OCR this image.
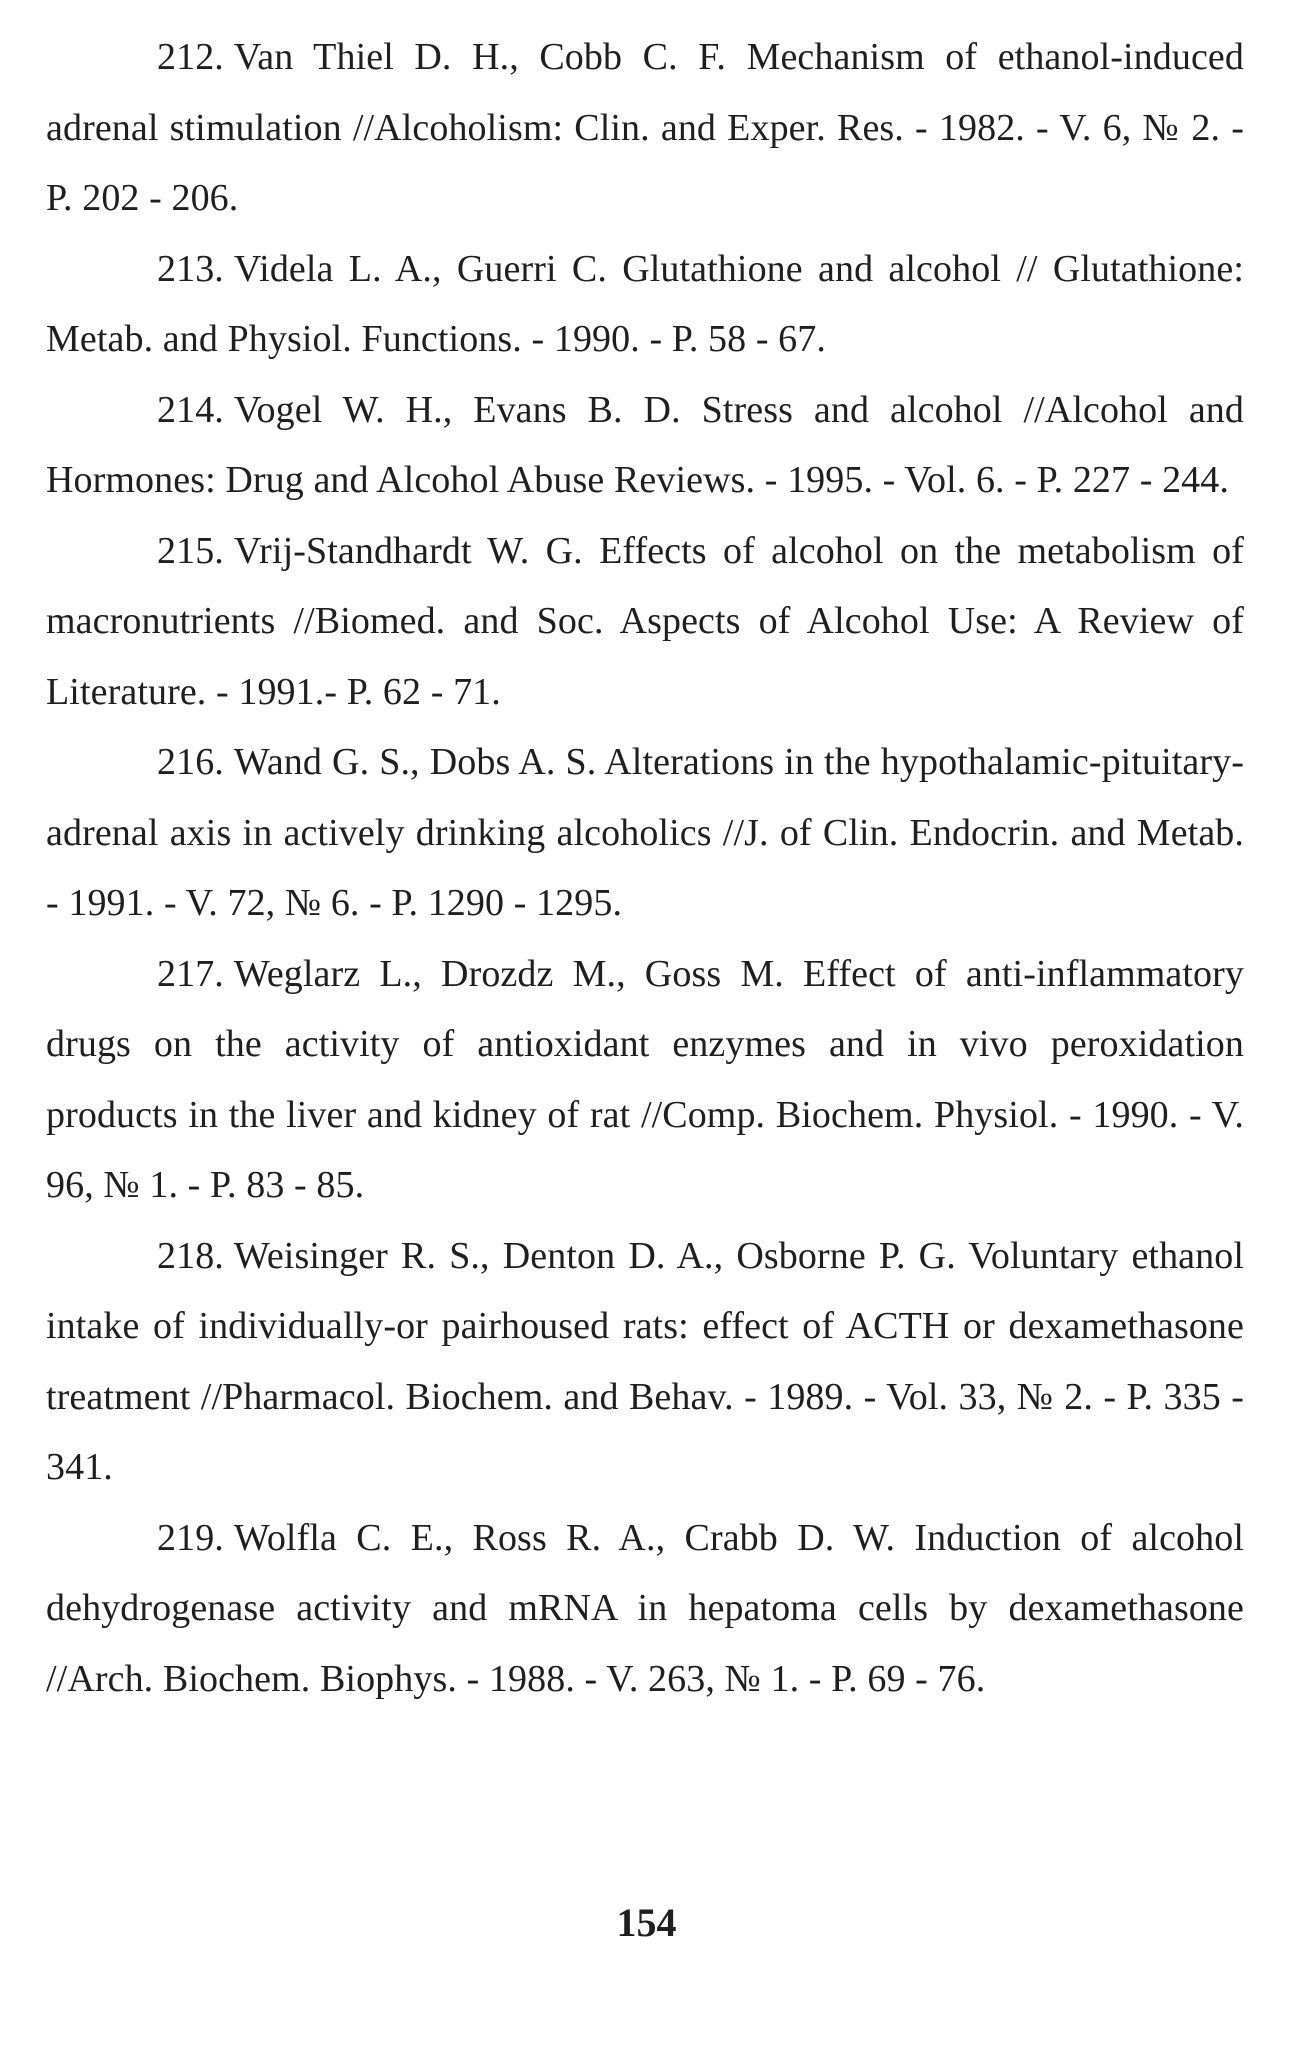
212. Van Thiel D. H., Cobb C. F. Mechanism of ethanol-induced adrenal stimulation //Alcoholism: Clin. and Exper. Res. - 1982. - V. 6, № 2. - P. 202 - 206.

213. Videla L. A., Guerri C. Glutathione and alcohol // Glutathione: Metab. and Physiol. Functions. - 1990. - P. 58 - 67.

214. Vogel W. H., Evans B. D. Stress and alcohol //Alcohol and Hormones: Drug and Alcohol Abuse Reviews. - 1995. - Vol. 6. - P. 227 - 244.

215. Vrij-Standhardt W. G. Effects of alcohol on the metabolism of macronutrients //Biomed. and Soc. Aspects of Alcohol Use: A Review of Literature. - 1991.- P. 62 - 71.

216. Wand G. S., Dobs A. S. Alterations in the hypothalamic-pituitary-adrenal axis in actively drinking alcoholics //J. of Clin. Endocrin. and Metab. - 1991. - V. 72, № 6. - P. 1290 - 1295.

217. Weglarz L., Drozdz M., Goss M. Effect of anti-inflammatory drugs on the activity of antioxidant enzymes and in vivo peroxidation products in the liver and kidney of rat //Comp. Biochem. Physiol. - 1990. - V. 96, № 1. - P. 83 - 85.

218. Weisinger R. S., Denton D. A., Osborne P. G. Voluntary ethanol intake of individually-or pairhoused rats: effect of ACTH or dexamethasone treatment //Pharmacol. Biochem. and Behav. - 1989. - Vol. 33, № 2. - P. 335 - 341.

219. Wolfla C. E., Ross R. A., Crabb D. W. Induction of alcohol dehydrogenase activity and mRNA in hepatoma cells by dexamethasone //Arch. Biochem. Biophys. - 1988. - V. 263, № 1. - P. 69 - 76.

154
